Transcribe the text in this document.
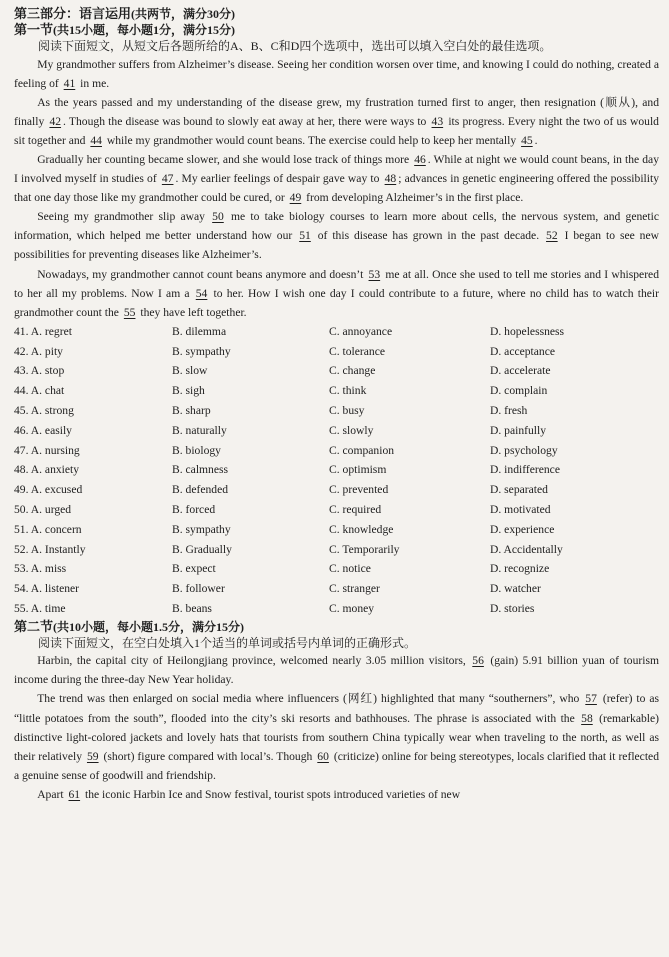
第三部分：语言运用(共两节，满分30分)

第一节(共15小题，每小题1分，满分15分)

阅读下面短文，从短文后各题所给的A、B、C和D四个选项中，选出可以填入空白处的最佳选项。

My grandmother suffers from Alzheimer’s disease. Seeing her condition worsen over time, and knowing I could do nothing, created a feeling of 41 in me.

As the years passed and my understanding of the disease grew, my frustration turned first to anger, then resignation (顺从), and finally 42 . Though the disease was bound to slowly eat away at her, there were ways to 43 its progress. Every night the two of us would sit together and 44 while my grandmother would count beans. The exercise could help to keep her mentally 45 .

Gradually her counting became slower, and she would lose track of things more 46 . While at night we would count beans, in the day I involved myself in studies of 47 . My earlier feelings of despair gave way to 48 ; advances in genetic engineering offered the possibility that one day those like my grandmother could be cured, or 49 from developing Alzheimer’s in the first place.

Seeing my grandmother slip away 50 me to take biology courses to learn more about cells, the nervous system, and genetic information, which helped me better understand how our 51 of this disease has grown in the past decade. 52 I began to see new possibilities for preventing diseases like Alzheimer’s.

Nowadays, my grandmother cannot count beans anymore and doesn’t 53 me at all. Once she used to tell me stories and I whispered to her all my problems. Now I am a 54 to her. How I wish one day I could contribute to a future, where no child has to watch their grandmother count the 55 they have left together.

41. A. regret	B. dilemma	C. annoyance	D. hopelessness
42. A. pity	B. sympathy	C. tolerance	D. acceptance
43. A. stop	B. slow	C. change	D. accelerate
44. A. chat	B. sigh	C. think	D. complain
45. A. strong	B. sharp	C. busy	D. fresh
46. A. easily	B. naturally	C. slowly	D. painfully
47. A. nursing	B. biology	C. companion	D. psychology
48. A. anxiety	B. calmness	C. optimism	D. indifference
49. A. excused	B. defended	C. prevented	D. separated
50. A. urged	B. forced	C. required	D. motivated
51. A. concern	B. sympathy	C. knowledge	D. experience
52. A. Instantly	B. Gradually	C. Temporarily	D. Accidentally
53. A. miss	B. expect	C. notice	D. recognize
54. A. listener	B. follower	C. stranger	D. watcher
55. A. time	B. beans	C. money	D. stories

第二节(共10小题，每小题1.5分，满分15分)

阅读下面短文，在空白处填入1个适当的单词或括号内单词的正确形式。

Harbin, the capital city of Heilongjiang province, welcomed nearly 3.05 million visitors, 56 (gain) 5.91 billion yuan of tourism income during the three-day New Year holiday.

The trend was then enlarged on social media where influencers (网红) highlighted that many “southerners”, who 57 (refer) to as “little potatoes from the south”, flooded into the city’s ski resorts and bathhouses. The phrase is associated with the 58 (remarkable) distinctive light-colored jackets and lovely hats that tourists from southern China typically wear when traveling to the north, as well as their relatively 59 (short) figure compared with local’s. Though 60 (criticize) online for being stereotypes, locals clarified that it reflected a genuine sense of goodwill and friendship.

Apart 61 the iconic Harbin Ice and Snow festival, tourist spots introduced varieties of new
